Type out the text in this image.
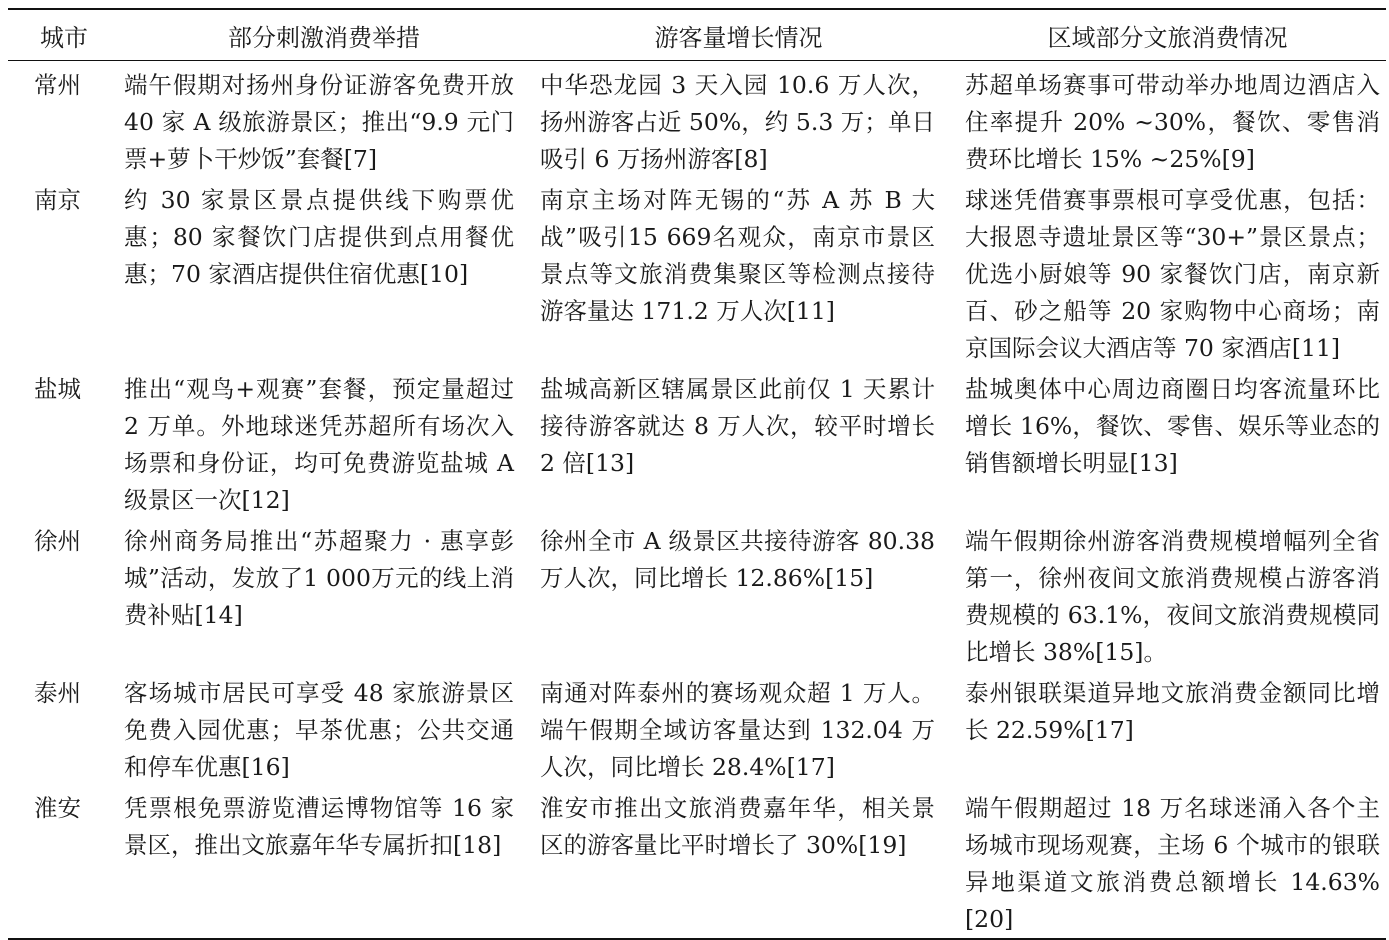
城市	部分刺激消费举措	游客量增长情况	区域部分文旅消费情况
常州	端午假期对扬州身份证游客免费开放 40 家 A 级旅游景区；推出“9.9 元门票+萝卜干炒饭”套餐[7]	中华恐龙园 3 天入园 10.6 万人次，扬州游客占近 50%，约 5.3 万；单日吸引 6 万扬州游客[8]	苏超单场赛事可带动举办地周边酒店入住率提升 20% ~30%，餐饮、零售消费环比增长 15% ~25%[9]
南京	约 30 家景区景点提供线下购票优惠；80 家餐饮门店提供到点用餐优惠；70 家酒店提供住宿优惠[10]	南京主场对阵无锡的“苏 A 苏 B 大战”吸引15 669名观众，南京市景区景点等文旅消费集聚区等检测点接待游客量达 171.2 万人次[11]	球迷凭借赛事票根可享受优惠，包括：大报恩寺遗址景区等“30+”景区景点；优选小厨娘等 90 家餐饮门店，南京新百、砂之船等 20 家购物中心商场；南京国际会议大酒店等 70 家酒店[11]
盐城	推出“观鸟+观赛”套餐，预定量超过 2 万单。外地球迷凭苏超所有场次入场票和身份证，均可免费游览盐城 A 级景区一次[12]	盐城高新区辖属景区此前仅 1 天累计接待游客就达 8 万人次，较平时增长 2 倍[13]	盐城奥体中心周边商圈日均客流量环比增长 16%，餐饮、零售、娱乐等业态的销售额增长明显[13]
徐州	徐州商务局推出“苏超聚力 · 惠享彭城”活动，发放了1 000万元的线上消费补贴[14]	徐州全市 A 级景区共接待游客 80.38 万人次，同比增长 12.86%[15]	端午假期徐州游客消费规模增幅列全省第一，徐州夜间文旅消费规模占游客消费规模的 63.1%，夜间文旅消费规模同比增长 38%[15]。
泰州	客场城市居民可享受 48 家旅游景区免费入园优惠；早茶优惠；公共交通和停车优惠[16]	南通对阵泰州的赛场观众超 1 万人。端午假期全域访客量达到 132.04 万人次，同比增长 28.4%[17]	泰州银联渠道异地文旅消费金额同比增长 22.59%[17]
淮安	凭票根免票游览漕运博物馆等 16 家景区，推出文旅嘉年华专属折扣[18]	淮安市推出文旅消费嘉年华，相关景区的游客量比平时增长了 30%[19]	端午假期超过 18 万名球迷涌入各个主场城市现场观赛，主场 6 个城市的银联异地渠道文旅消费总额增长 14.63%[20]
